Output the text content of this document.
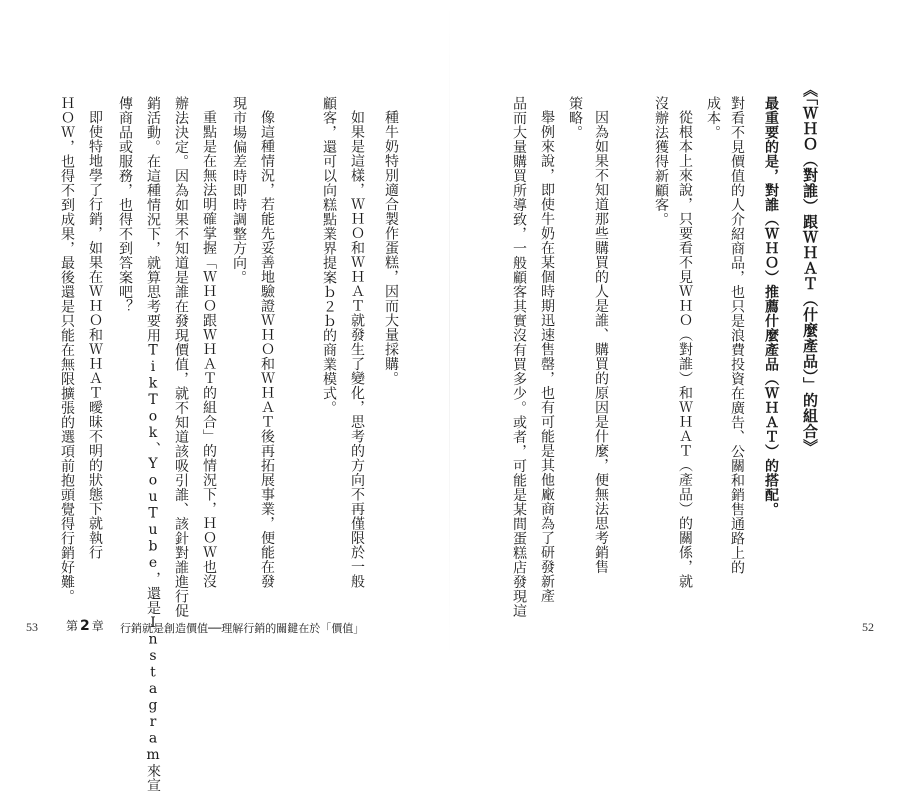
《「ＷＨＯ（對誰）跟ＷＨＡＴ（什麼產品）」的組合》
最重要的是，對誰（ＷＨＯ）推薦什麼產品（ＷＨＡＴ）的搭配。
對看不見價值的人介紹商品，也只是浪費投資在廣告、公關和銷售通路上的
成本。
從根本上來說，只要看不見ＷＨＯ（對誰）和ＷＨＡＴ（產品）的關係，就
沒辦法獲得新顧客。
因為如果不知道那些購買的人是誰、購買的原因是什麼，便無法思考銷售
策略。
舉例來說，即使牛奶在某個時期迅速售罄，也有可能是其他廠商為了研發新產
品而大量購買所導致，一般顧客其實沒有買多少。或者，可能是某間蛋糕店發現這
52
種牛奶特別適合製作蛋糕，因而大量採購。
如果是這樣，ＷＨＯ和ＷＨＡＴ就發生了變化，思考的方向不再僅限於一般
顧客，還可以向糕點業界提案ｂ２ｂ的商業模式。
像這種情況，若能先妥善地驗證ＷＨＯ和ＷＨＡＴ後再拓展事業，便能在發
現市場偏差時即時調整方向。
重點是在無法明確掌握「ＷＨＯ跟ＷＨＡＴ的組合」的情況下，ＨＯＷ也沒
辦法決定。因為如果不知道是誰在發現價值，就不知道該吸引誰、該針對誰進行促
銷活動。在這種情況下，就算思考要用TikTok、YouTube，還是Instagram來宣
傳商品或服務，也得不到答案吧？
即使特地學了行銷，如果在ＷＨＯ和ＷＨＡＴ曖昧不明的狀態下就執行
ＨＯＷ，也得不到成果，最後還是只能在無限擴張的選項前抱頭覺得行銷好難。
53 第 2 章 行銷就是創造價值──理解行銷的關鍵在於「價值」
